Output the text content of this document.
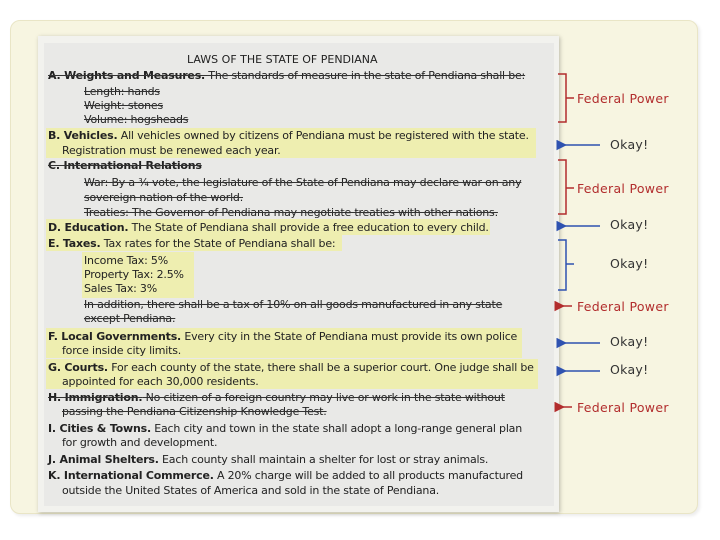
LAWS OF THE STATE OF PENDIANA
A. Weights and Measures. The standards of measure in the state of Pendiana shall be:
Length: hands
Weight: stones
Volume: hogsheads
B. Vehicles. All vehicles owned by citizens of Pendiana must be registered with the state.
Registration must be renewed each year.
C. International Relations
War: By a ¾ vote, the legislature of the State of Pendiana may declare war on any
sovereign nation of the world.
Treaties: The Governor of Pendiana may negotiate treaties with other nations.
D. Education. The State of Pendiana shall provide a free education to every child.
E. Taxes. Tax rates for the State of Pendiana shall be:
Income Tax: 5%
Property Tax: 2.5%
Sales Tax: 3%
In addition, there shall be a tax of 10% on all goods manufactured in any state
except Pendiana.
F. Local Governments. Every city in the State of Pendiana must provide its own police
force inside city limits.
G. Courts. For each county of the state, there shall be a superior court. One judge shall be
appointed for each 30,000 residents.
H. Immigration. No citizen of a foreign country may live or work in the state without
passing the Pendiana Citizenship Knowledge Test.
I. Cities & Towns. Each city and town in the state shall adopt a long-range general plan
for growth and development.
J. Animal Shelters. Each county shall maintain a shelter for lost or stray animals.
K. International Commerce. A 20% charge will be added to all products manufactured
outside the United States of America and sold in the state of Pendiana.
Federal Power
Okay!
Federal Power
Okay!
Okay!
Federal Power
Okay!
Okay!
Federal Power
